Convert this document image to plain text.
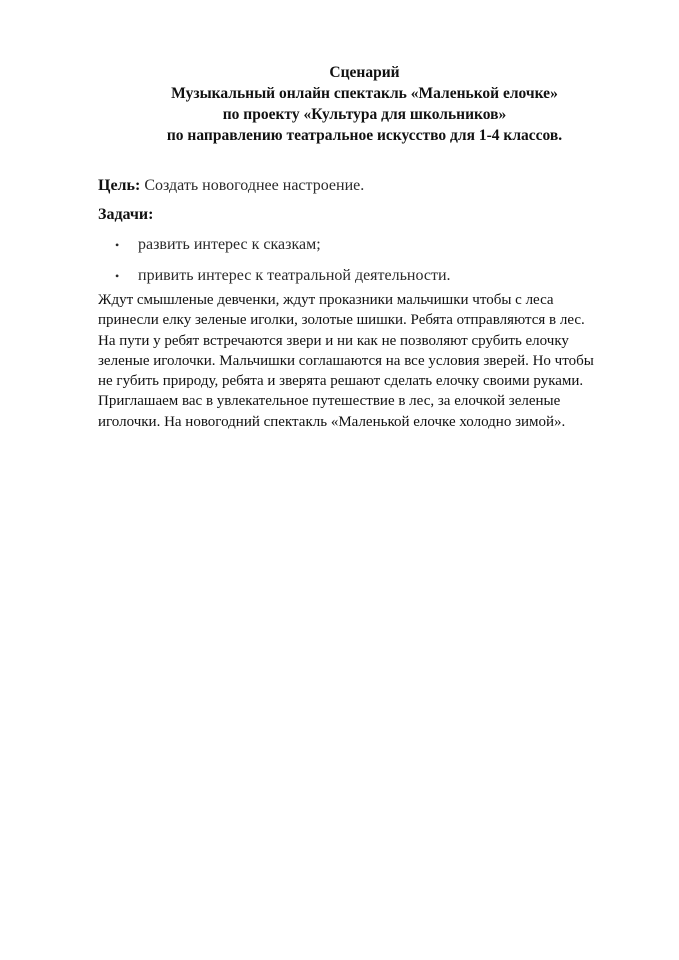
Сценарий
Музыкальный онлайн спектакль «Маленькой елочке»
по проекту «Культура для школьников»
по направлению театральное искусство для 1-4 классов.
Цель: Создать новогоднее настроение.
Задачи:
• развить интерес к сказкам;
• привить интерес к театральной деятельности.
Ждут смышленые девченки, ждут проказники мальчишки чтобы с леса
принесли елку зеленые иголки, золотые шишки. Ребята отправляются в лес.
На пути у ребят встречаются звери и ни как не позволяют срубить елочку
зеленые иголочки. Мальчишки соглашаются на все условия зверей. Но чтобы
не губить природу, ребята и зверята решают сделать елочку своими руками.
Приглашаем вас в увлекательное путешествие в лес, за елочкой зеленые
иголочки. На новогодний спектакль «Маленькой елочке холодно зимой».
